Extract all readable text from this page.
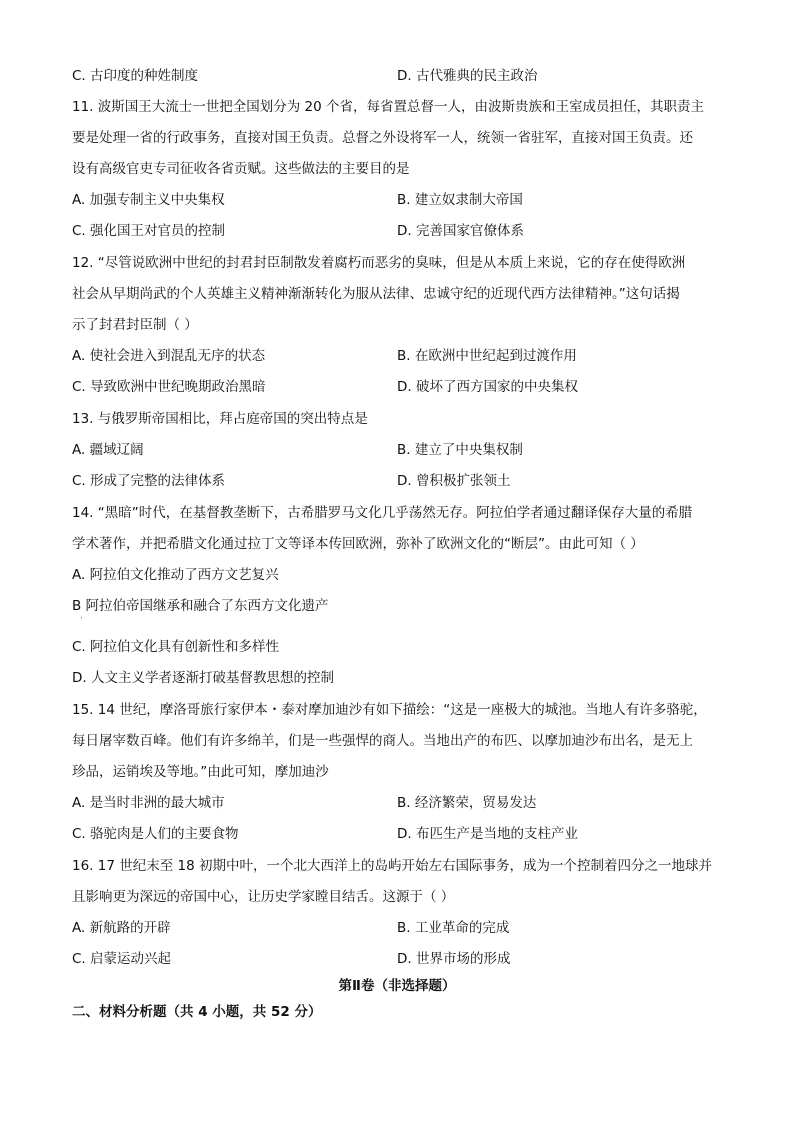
C. 古印度的种姓制度	D. 古代雅典的民主政治
11. 波斯国王大流士一世把全国划分为 20 个省，每省置总督一人，由波斯贵族和王室成员担任，其职责主
要是处理一省的行政事务，直接对国王负责。总督之外设将军一人，统领一省驻军，直接对国王负责。还
设有高级官吏专司征收各省贡赋。这些做法的主要目的是
A. 加强专制主义中央集权	B. 建立奴隶制大帝国
C. 强化国王对官员的控制	D. 完善国家官僚体系
12. “尽管说欧洲中世纪的封君封臣制散发着腐朽而恶劣的臭味，但是从本质上来说，它的存在使得欧洲
社会从早期尚武的个人英雄主义精神渐渐转化为服从法律、忠诚守纪的近现代西方法律精神。”这句话揭
示了封君封臣制（ ）
A. 使社会进入到混乱无序的状态	B. 在欧洲中世纪起到过渡作用
C. 导致欧洲中世纪晚期政治黑暗	D. 破坏了西方国家的中央集权
13. 与俄罗斯帝国相比，拜占庭帝国的突出特点是
A. 疆域辽阔	B. 建立了中央集权制
C. 形成了完整的法律体系	D. 曾积极扩张领土
14. “黑暗”时代，在基督教垄断下，古希腊罗马文化几乎荡然无存。阿拉伯学者通过翻译保存大量的希腊
学术著作，并把希腊文化通过拉丁文等译本传回欧洲，弥补了欧洲文化的“断层”。由此可知（ ）
A. 阿拉伯文化推动了西方文艺复兴
B 阿拉伯帝国继承和融合了东西方文化遗产
·
C. 阿拉伯文化具有创新性和多样性
D. 人文主义学者逐渐打破基督教思想的控制
15. 14 世纪，摩洛哥旅行家伊本・泰对摩加迪沙有如下描绘：“这是一座极大的城池。当地人有许多骆驼，
每日屠宰数百峰。他们有许多绵羊，们是一些强悍的商人。当地出产的布匹、以摩加迪沙布出名，是无上
珍品，运销埃及等地。”由此可知，摩加迪沙
A. 是当时非洲的最大城市	B. 经济繁荣，贸易发达
C. 骆驼肉是人们的主要食物	D. 布匹生产是当地的支柱产业
16. 17 世纪末至 18 初期中叶，一个北大西洋上的岛屿开始左右国际事务，成为一个控制着四分之一地球并
且影响更为深远的帝国中心，让历史学家瞠目结舌。这源于（ ）
A. 新航路的开辟	B. 工业革命的完成
C. 启蒙运动兴起	D. 世界市场的形成
第Ⅱ卷（非选择题）
二、材料分析题（共 4 小题，共 52 分）
